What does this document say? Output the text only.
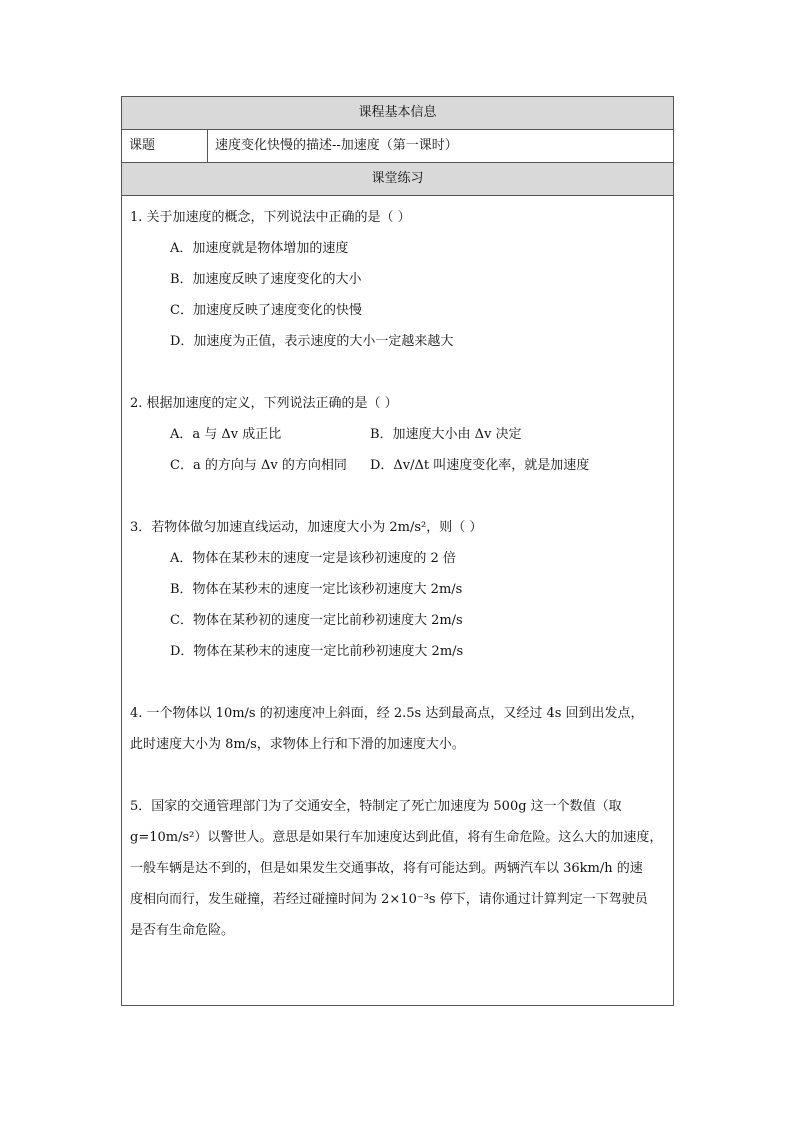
课程基本信息
课题	速度变化快慢的描述--加速度（第一课时）
课堂练习
1. 关于加速度的概念，下列说法中正确的是（ ）
A．加速度就是物体增加的速度
B．加速度反映了速度变化的大小
C．加速度反映了速度变化的快慢
D．加速度为正值，表示速度的大小一定越来越大
2. 根据加速度的定义，下列说法正确的是（ ）
A．a 与 Δv 成正比	B．加速度大小由 Δv 决定
C．a 的方向与 Δv 的方向相同	D．Δv/Δt 叫速度变化率，就是加速度
3．若物体做匀加速直线运动，加速度大小为 2m/s²，则（ ）
A．物体在某秒末的速度一定是该秒初速度的 2 倍
B．物体在某秒末的速度一定比该秒初速度大 2m/s
C．物体在某秒初的速度一定比前秒初速度大 2m/s
D．物体在某秒末的速度一定比前秒初速度大 2m/s
4. 一个物体以 10m/s 的初速度冲上斜面，经 2.5s 达到最高点，又经过 4s 回到出发点，
此时速度大小为 8m/s，求物体上行和下滑的加速度大小。
5．国家的交通管理部门为了交通安全，特制定了死亡加速度为 500g 这一个数值（取
g=10m/s²）以警世人。意思是如果行车加速度达到此值，将有生命危险。这么大的加速度，
一般车辆是达不到的，但是如果发生交通事故，将有可能达到。两辆汽车以 36km/h 的速
度相向而行，发生碰撞，若经过碰撞时间为 2×10⁻³s 停下，请你通过计算判定一下驾驶员
是否有生命危险。
